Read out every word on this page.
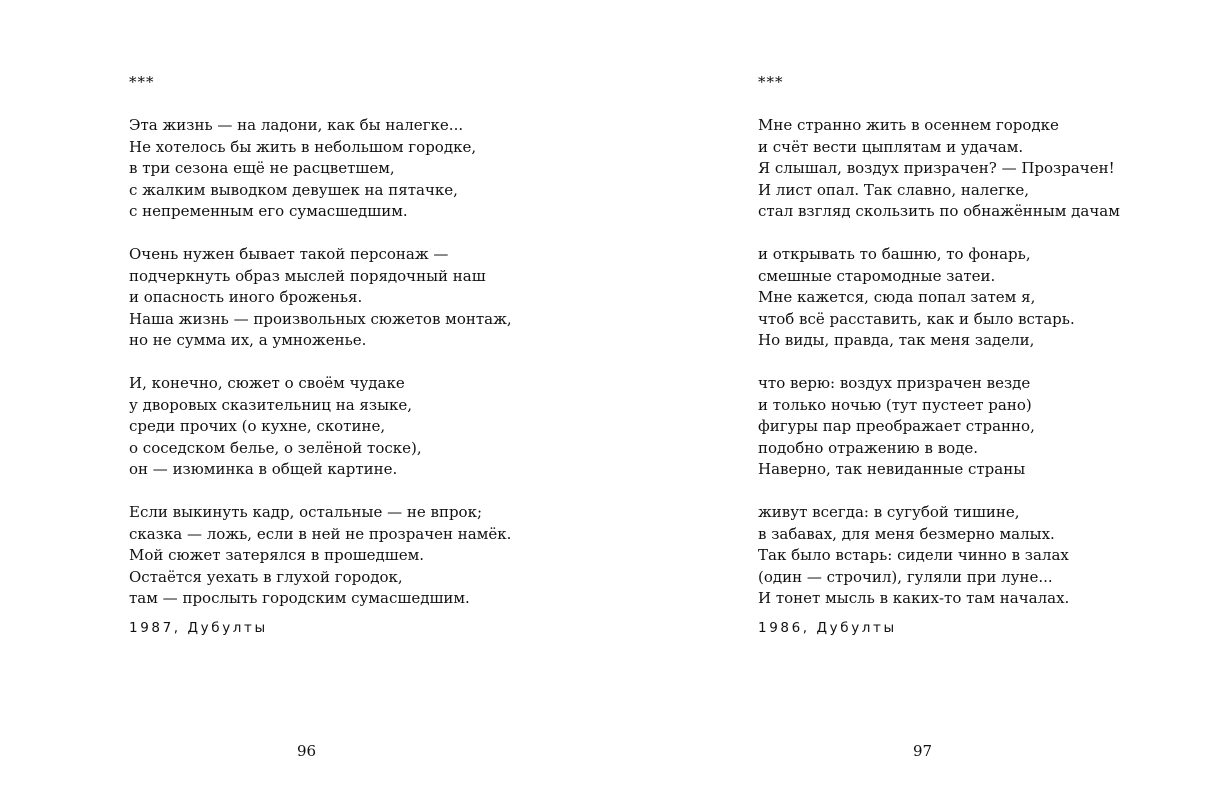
***
Эта жизнь — на ладони, как бы налегке...
Не хотелось бы жить в небольшом городке,
в три сезона ещё не расцветшем,
с жалким выводком девушек на пятачке,
с непременным его сумасшедшим.
Очень нужен бывает такой персонаж —
подчеркнуть образ мыслей порядочный наш
и опасность иного броженья.
Наша жизнь — произвольных сюжетов монтаж,
но не сумма их, а умноженье.
И, конечно, сюжет о своём чудаке
у дворовых сказительниц на языке,
среди прочих (о кухне, скотине,
о соседском белье, о зелёной тоске),
он — изюминка в общей картине.
Если выкинуть кадр, остальные — не впрок;
сказка — ложь, если в ней не прозрачен намёк.
Мой сюжет затерялся в прошедшем.
Остаётся уехать в глухой городок,
там — прослыть городским сумасшедшим.
1987, Дубулты
96
***
Мне странно жить в осеннем городке
и счёт вести цыплятам и удачам.
Я слышал, воздух призрачен? — Прозрачен!
И лист опал. Так славно, налегке,
стал взгляд скользить по обнажённым дачам
и открывать то башню, то фонарь,
смешные старомодные затеи.
Мне кажется, сюда попал затем я,
чтоб всё расставить, как и было встарь.
Но виды, правда, так меня задели,
что верю: воздух призрачен везде
и только ночью (тут пустеет рано)
фигуры пар преображает странно,
подобно отражению в воде.
Наверно, так невиданные страны
живут всегда: в сугубой тишине,
в забавах, для меня безмерно малых.
Так было встарь: сидели чинно в залах
(один — строчил), гуляли при луне...
И тонет мысль в каких-то там началах.
1986, Дубулты
97
